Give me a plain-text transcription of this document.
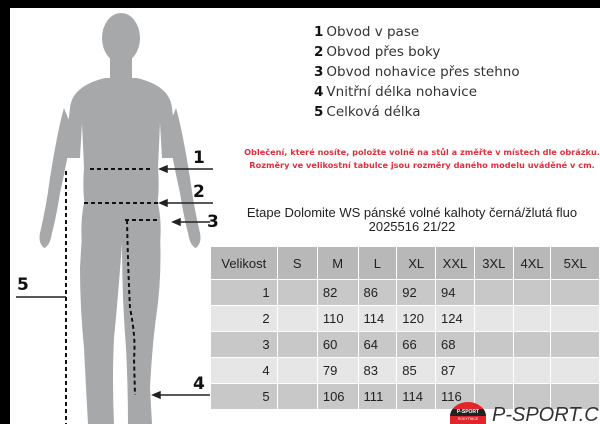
1
2
3
4
5
1 Obvod v pase
2 Obvod přes boky
3 Obvod nohavice přes stehno
4 Vnitřní délka nohavice
5 Celková délka
Oblečení, které nosíte, položte volně na stůl a změřte v místech dle obrázku.
Rozměry ve velikostní tabulce jsou rozměry daného modelu uváděné v cm.
Etape Dolomite WS pánské volné kalhoty černá/žlutá fluo
2025516 21/22
Velikost	S	M	L	XL	XXL	3XL	4XL	5XL
1		82	86	92	94			
2		110	114	120	124			
3		60	64	66	68			
4		79	83	85	87			
5		106	111	114	116			
P-SPORT
ROKYTNICE P-SPORT.C
